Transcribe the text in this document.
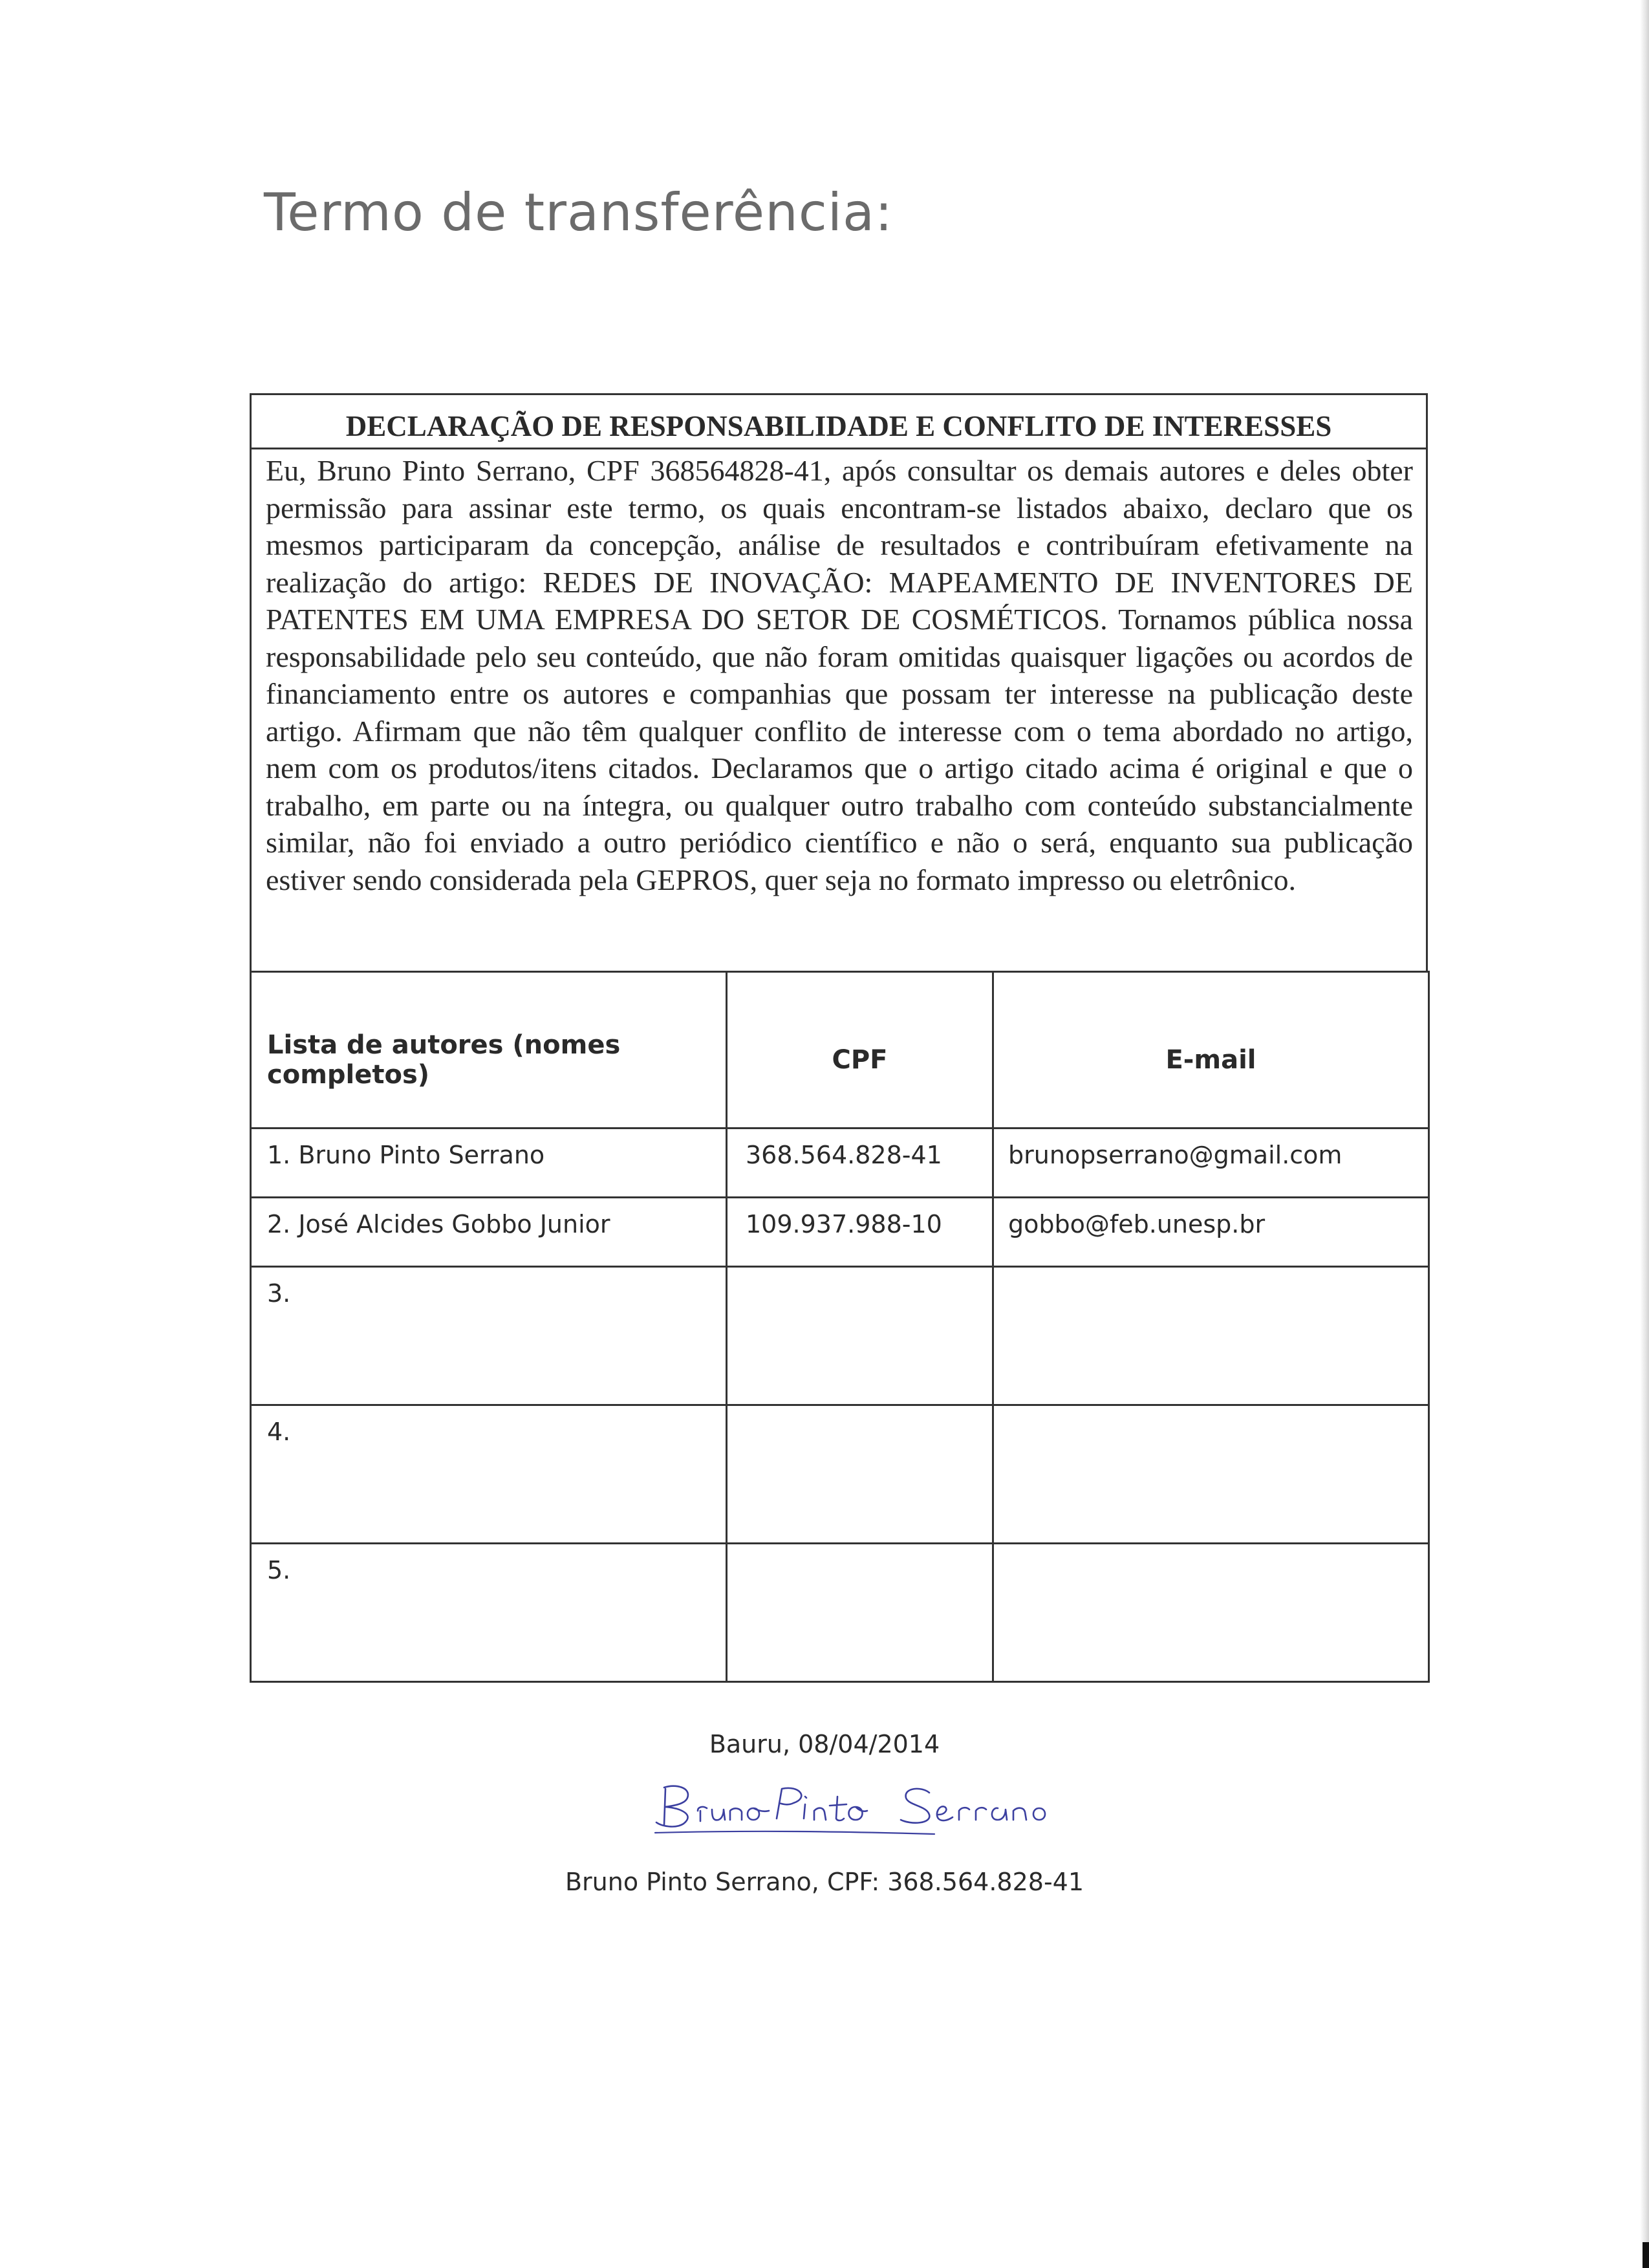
Termo de transferência:
DECLARAÇÃO DE RESPONSABILIDADE E CONFLITO DE INTERESSES

Eu, Bruno Pinto Serrano, CPF 368564828-41, após consultar os demais autores e deles obter permissão para assinar este termo, os quais encontram-se listados abaixo, declaro que os mesmos participaram da concepção, análise de resultados e contribuíram efetivamente na realização do artigo: REDES DE INOVAÇÃO: MAPEAMENTO DE INVENTORES DE PATENTES EM UMA EMPRESA DO SETOR DE COSMÉTICOS. Tornamos pública nossa responsabilidade pelo seu conteúdo, que não foram omitidas quaisquer ligações ou acordos de financiamento entre os autores e companhias que possam ter interesse na publicação deste artigo. Afirmam que não têm qualquer conflito de interesse com o tema abordado no artigo, nem com os produtos/itens citados. Declaramos que o artigo citado acima é original e que o trabalho, em parte ou na íntegra, ou qualquer outro trabalho com conteúdo substancialmente similar, não foi enviado a outro periódico científico e não o será, enquanto sua publicação estiver sendo considerada pela GEPROS, quer seja no formato impresso ou eletrônico.

Lista de autores (nomes completos)	CPF	E-mail
1. Bruno Pinto Serrano	368.564.828-41	brunopserrano@gmail.com
2. José Alcides Gobbo Junior	109.937.988-10	gobbo@feb.unesp.br
3.		
4.		
5.		
Bauru, 08/04/2014
Bruno Pinto Serrano, CPF: 368.564.828-41
